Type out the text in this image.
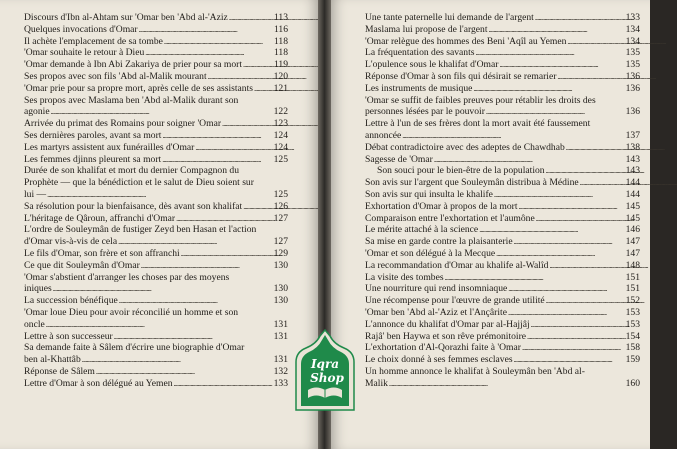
Discours d'Ibn al-Ahtam sur 'Omar ben 'Abd al-'Aziz . . .	113
Quelques invocations d'Omar . . .	116
Il achète l'emplacement de sa tombe . . .	118
'Omar souhaite le retour à Dieu . . .	118
'Omar demande à Ibn Abi Zakariya de prier pour sa mort . . .	119
Ses propos avec son fils 'Abd al-Malik mourant . . .	120
'Omar prie pour sa propre mort, après celle de ses assistants . . . 121
Ses propos avec Maslama ben 'Abd al-Malik durant son
agonie . . .	122
Arrivée du primat des Romains pour soigner 'Omar . . .	123
Ses dernières paroles, avant sa mort . . .	124
Les martyrs assistent aux funérailles d'Omar . . .	124
Les femmes djinns pleurent sa mort . . .	125
Durée de son khalifat et mort du dernier Compagnon du
Prophète — que la bénédiction et le salut de Dieu soient sur
lui — . . .	125
Sa résolution pour la bienfaisance, dès avant son khalifat . . .	126
L'héritage de Qâroun, affranchi d'Omar . . .	127
L'ordre de Souleymân de fustiger Zeyd ben Hasan et l'action
d'Omar vis-à-vis de cela . . .	127
Le fils d'Omar, son frère et son affranchi . . .	129
Ce que dit Souleymân d'Omar . . .	130
'Omar s'abstient d'arranger les choses par des moyens
iniques . . .	130
La succession bénéfique . . .	130
'Omar loue Dieu pour avoir réconcilié un homme et son
oncle . . .	131
Lettre à son successeur . . .	131
Sa demande faite à Sâlem d'écrire une biographie d'Omar
ben al-Khattâb . . .	131
Réponse de Sâlem . . .	132
Lettre d'Omar à son délégué au Yemen . . .	133
Une tante paternelle lui demande de l'argent . . .	133
Maslama lui propose de l'argent . . .	134
'Omar relègue des hommes des Beni 'Aqîl au Yemen . . .	134
La fréquentation des savants . . .	135
L'opulence sous le khalifat d'Omar . . .	135
Réponse d'Omar à son fils qui désirait se remarier . . .	136
Les instruments de musique . . .	136
'Omar se suffit de faibles preuves pour rétablir les droits des
personnes lésées par le pouvoir . . .	136
Lettre à l'un de ses frères dont la mort avait été faussement
annoncée . . .	137
Débat contradictoire avec des adeptes de Chawdhab . . .	138
Sagesse de 'Omar . . .	143
Son souci pour le bien-être de la population . . .	143
Son avis sur l'argent que Souleymân distribua à Médine . . .	144
Son avis sur qui insulta le khalife . . .	144
Exhortation d'Omar à propos de la mort . . .	145
Comparaison entre l'exhortation et l'aumône . . .	145
Le mérite attaché à la science . . .	146
Sa mise en garde contre la plaisanterie . . .	147
'Omar et son délégué à la Mecque . . .	147
La recommandation d'Omar au khalife al-Walîd . . .	148
La visite des tombes . . .	151
Une nourriture qui rend insomniaque . . .	151
Une récompense pour l'œuvre de grande utilité . . .	152
'Omar ben 'Abd al-'Aziz et l'Ançârite . . .	153
L'annonce du khalifat d'Omar par al-Hajjâj . . .	153
Rajâ' ben Haywa et son rêve prémonitoire . . .	154
L'exhortation d'Al-Qorazhi faite à 'Omar . . .	158
Le choix donné à ses femmes esclaves . . .	159
Un homme annonce le khalifat à Souleymân ben 'Abd al-
Malik . . .	160
Iqra
Shop
